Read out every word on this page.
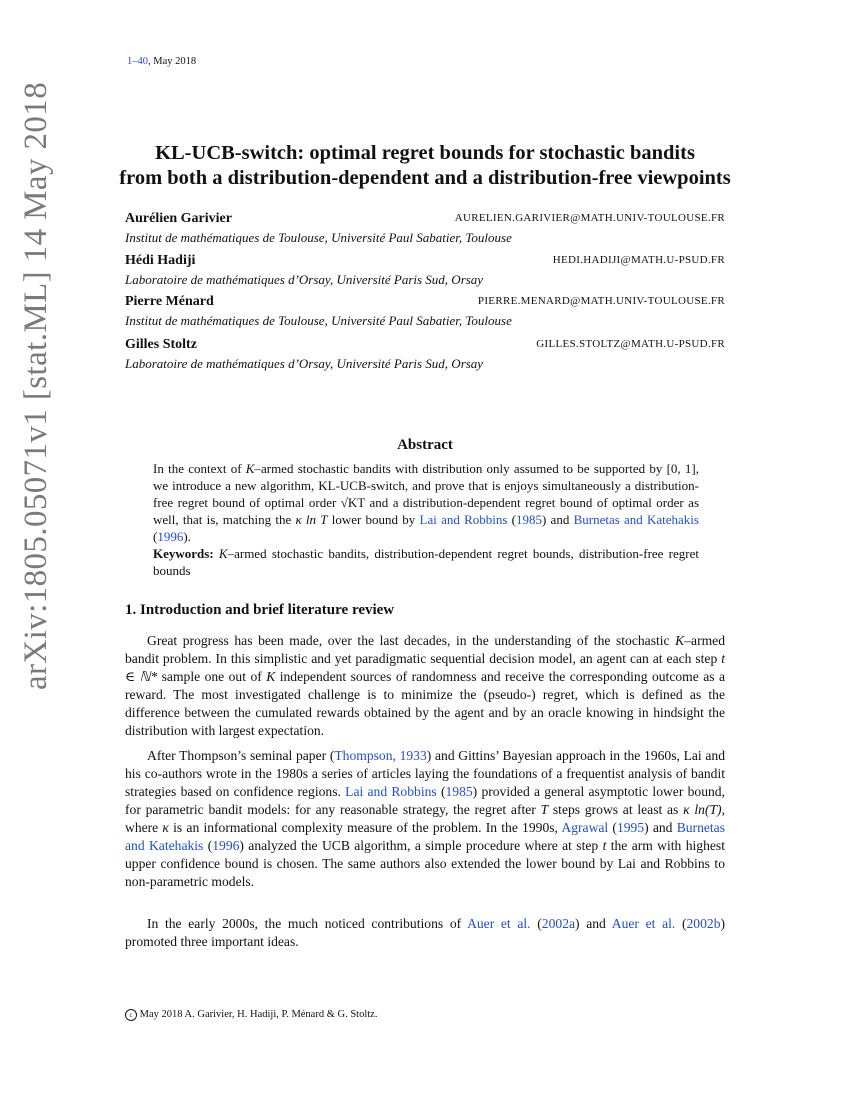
1–40, May 2018
arXiv:1805.05071v1 [stat.ML] 14 May 2018	KL-UCB-switch: optimal regret bounds for stochastic bandits
from both a distribution-dependent and a distribution-free viewpoints
Aurélien Garivier	AURELIEN.GARIVIER@MATH.UNIV-TOULOUSE.FR
Institut de mathématiques de Toulouse, Université Paul Sabatier, Toulouse
Hédi Hadiji	HEDI.HADIJI@MATH.U-PSUD.FR
Laboratoire de mathématiques d’Orsay, Université Paris Sud, Orsay
Pierre Ménard	PIERRE.MENARD@MATH.UNIV-TOULOUSE.FR
Institut de mathématiques de Toulouse, Université Paul Sabatier, Toulouse
Gilles Stoltz	GILLES.STOLTZ@MATH.U-PSUD.FR
Laboratoire de mathématiques d’Orsay, Université Paris Sud, Orsay
Abstract
In the context of K–armed stochastic bandits with distribution only assumed to be supported by [0, 1], we introduce a new algorithm, KL-UCB-switch, and prove that is enjoys simultaneously a distribution-free regret bound of optimal order √KT and a distribution-dependent regret bound of optimal order as well, that is, matching the κ ln T lower bound by Lai and Robbins (1985) and Burnetas and Katehakis (1996).
Keywords: K–armed stochastic bandits, distribution-dependent regret bounds, distribution-free regret bounds
1. Introduction and brief literature review
Great progress has been made, over the last decades, in the understanding of the stochastic K–armed bandit problem. In this simplistic and yet paradigmatic sequential decision model, an agent can at each step t ∈ ℕ* sample one out of K independent sources of randomness and receive the corresponding outcome as a reward. The most investigated challenge is to minimize the (pseudo-) regret, which is defined as the difference between the cumulated rewards obtained by the agent and by an oracle knowing in hindsight the distribution with largest expectation.
After Thompson’s seminal paper (Thompson, 1933) and Gittins’ Bayesian approach in the 1960s, Lai and his co-authors wrote in the 1980s a series of articles laying the foundations of a frequentist analysis of bandit strategies based on confidence regions. Lai and Robbins (1985) provided a general asymptotic lower bound, for parametric bandit models: for any reasonable strategy, the regret after T steps grows at least as κ ln(T), where κ is an informational complexity measure of the problem. In the 1990s, Agrawal (1995) and Burnetas and Katehakis (1996) analyzed the UCB algorithm, a simple procedure where at step t the arm with highest upper confidence bound is chosen. The same authors also extended the lower bound by Lai and Robbins to non-parametric models.
In the early 2000s, the much noticed contributions of Auer et al. (2002a) and Auer et al. (2002b) promoted three important ideas.
c May 2018 A. Garivier, H. Hadiji, P. Ménard & G. Stoltz.
